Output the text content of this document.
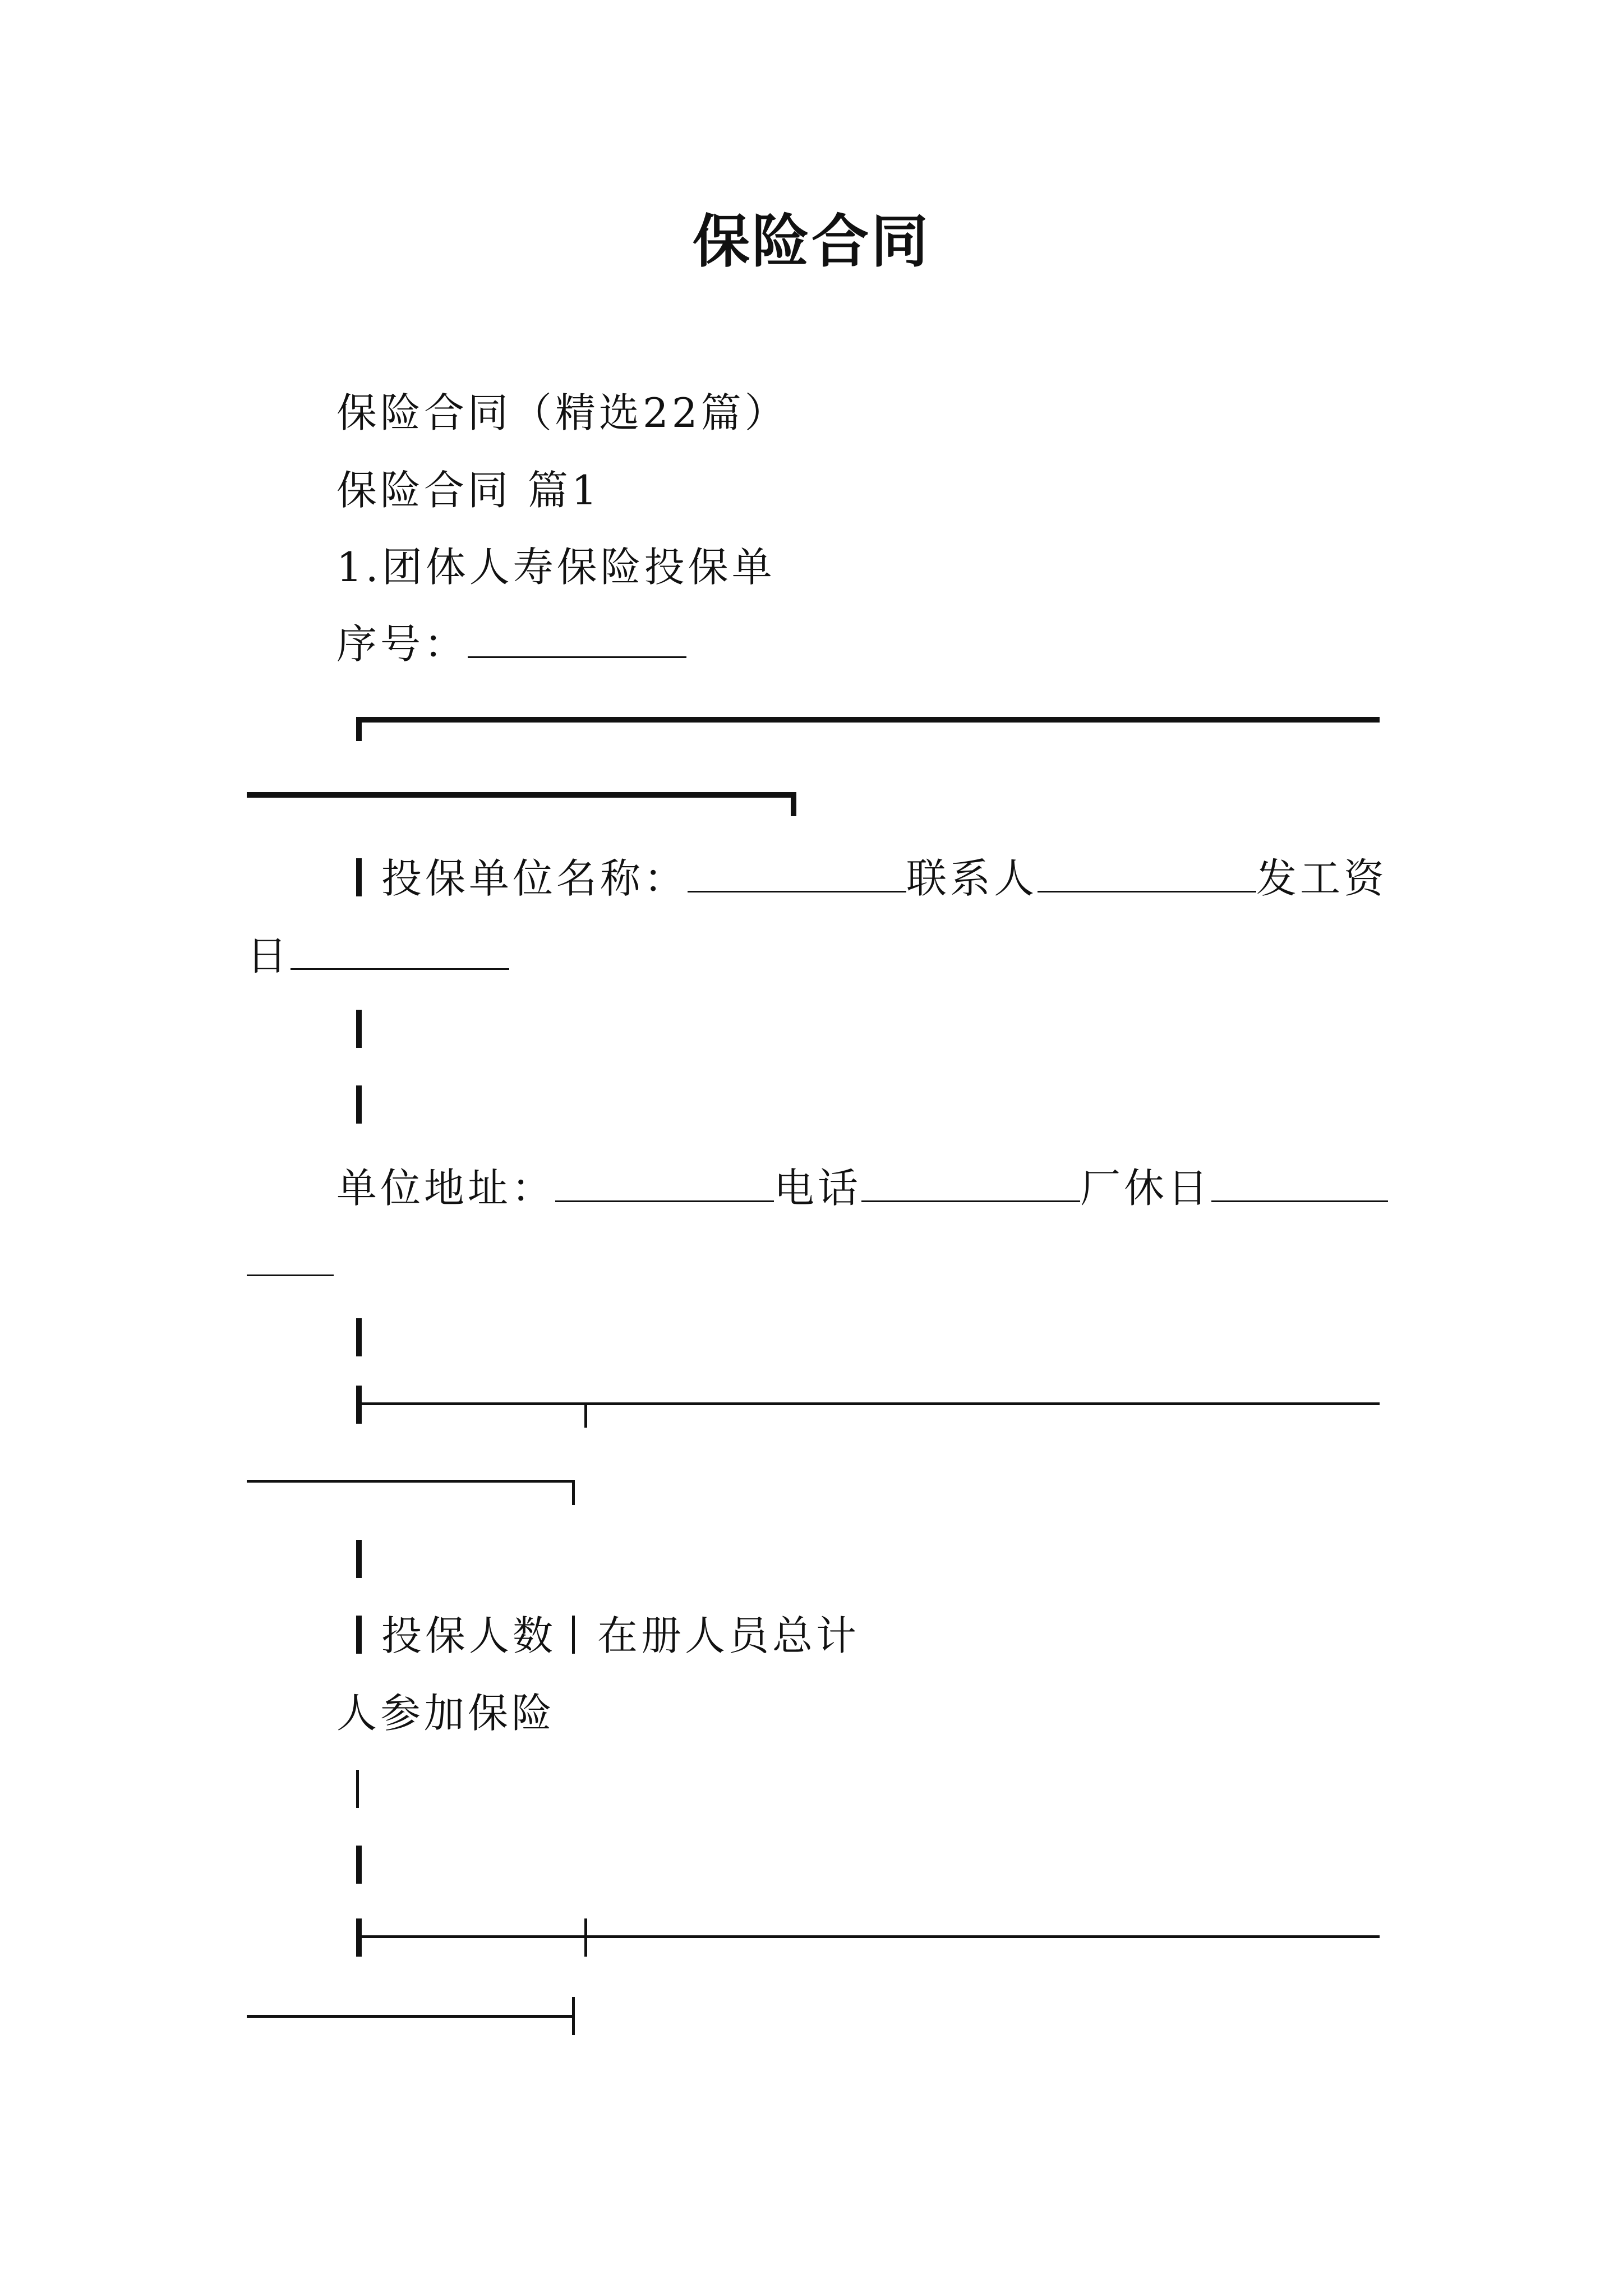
保险合同
保险合同（精选22篇）
保险合同 篇1
1.团体人寿保险投保单
序号：
投保单位名称：	联系人	发工资
日
单位地址：	电话	厂休日
投保人数 在册人员总计
人参加保险
